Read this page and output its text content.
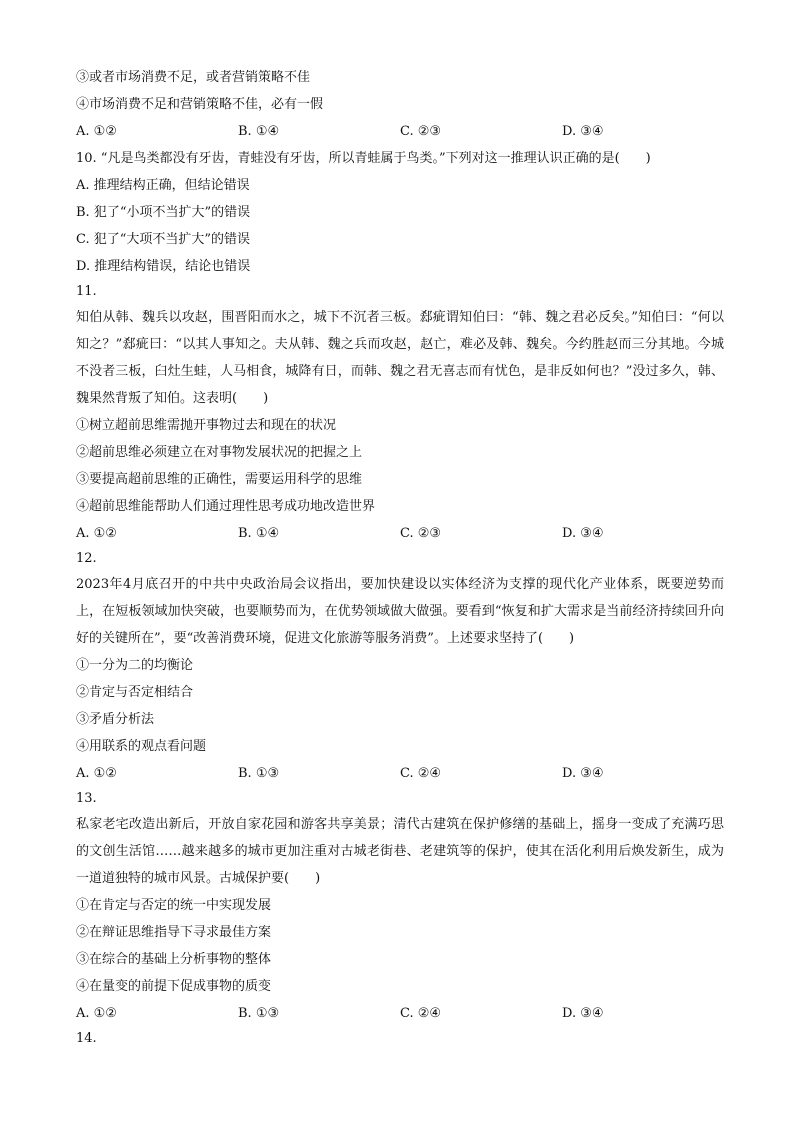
③或者市场消费不足，或者营销策略不佳
④市场消费不足和营销策略不佳，必有一假
A. ①②	B. ①④	C. ②③	D. ③④
10. “凡是鸟类都没有牙齿，青蛙没有牙齿，所以青蛙属于鸟类。”下列对这一推理认识正确的是(　　)
A. 推理结构正确，但结论错误
B. 犯了“小项不当扩大”的错误
C. 犯了“大项不当扩大”的错误
D. 推理结构错误，结论也错误
11.
知伯从韩、魏兵以攻赵，围晋阳而水之，城下不沉者三板。郄疵谓知伯曰：“韩、魏之君必反矣。”知伯曰：“何以知之？”郄疵曰：“以其人事知之。夫从韩、魏之兵而攻赵，赵亡，难必及韩、魏矣。今约胜赵而三分其地。今城不没者三板，臼灶生蛙，人马相食，城降有日，而韩、魏之君无喜志而有忧色，是非反如何也？”没过多久，韩、魏果然背叛了知伯。这表明(　　)
①树立超前思维需抛开事物过去和现在的状况
②超前思维必须建立在对事物发展状况的把握之上
③要提高超前思维的正确性，需要运用科学的思维
④超前思维能帮助人们通过理性思考成功地改造世界
A. ①②	B. ①④	C. ②③	D. ③④
12.
2023年4月底召开的中共中央政治局会议指出，要加快建设以实体经济为支撑的现代化产业体系，既要逆势而上，在短板领域加快突破，也要顺势而为，在优势领域做大做强。要看到“恢复和扩大需求是当前经济持续回升向好的关键所在”，要“改善消费环境，促进文化旅游等服务消费”。上述要求坚持了(　　)
①一分为二的均衡论
②肯定与否定相结合
③矛盾分析法
④用联系的观点看问题
A. ①②	B. ①③	C. ②④	D. ③④
13.
私家老宅改造出新后，开放自家花园和游客共享美景；清代古建筑在保护修缮的基础上，摇身一变成了充满巧思的文创生活馆……越来越多的城市更加注重对古城老街巷、老建筑等的保护，使其在活化利用后焕发新生，成为一道道独特的城市风景。古城保护要(　　)
①在肯定与否定的统一中实现发展
②在辩证思维指导下寻求最佳方案
③在综合的基础上分析事物的整体
④在量变的前提下促成事物的质变
A. ①②	B. ①③	C. ②④	D. ③④
14.
